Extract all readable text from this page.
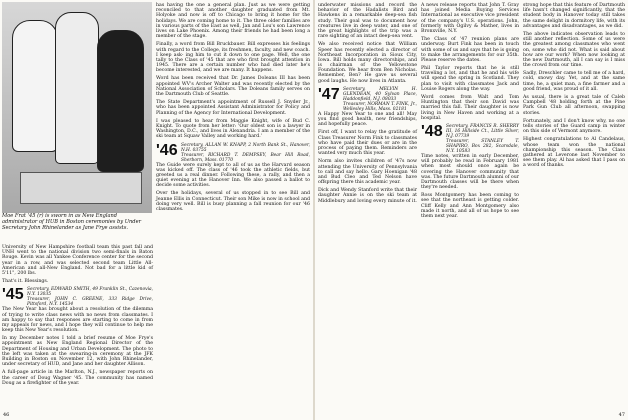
Moe Frat '45 (r) is sworn in as New England administrator of HUB in Boston ceremonies by Under Secretary John Rhinelander as Jane Frye assists.

University of New Hampshire football team this past fall and UNH went to the national division two semi-finals in Baton Rouge. Kevin was all Yankee Conference center for the second year in a row, and was selected second team Little All-American and all-New England. Not bad for a little kid of 5'11", 200 lbs.

That's it. Blessings.

'45 Secretary, EDWARD SMITH, 49 Franklin St., Cazenovia, N.Y. 13035
Treasurer, JOHN C. GREENE, 333 Ridge Drive, Pittsford, N.Y. 14534

The New Year has brought about a resolution of the dilemma of trying to write class news with no news from classmates. I am happy to say that responses are starting to come in from my appeals for news, and I hope they will continue to help me keep this New Year's resolution.

In my December notes I told a brief resume of Moe Frye's appointment as New England Regional Director of the Department of Housing and Urban Development. The photo to the left was taken at the swearing-in ceremony at the JFK Building in Boston on November 12, with John Rhinelander, under secretary of HUD, and Jane and her daughter Allison.

A full-page article in the Marlton, N.J., newspaper reports on the career of Doug Wagner '45. The community has named Doug as a firefighter of the year.

has having the one a general plan. Just as we were getting reconciled to that another daughter graduated from Mt. Holyoke and now is off to Chicago to bring it home for the holidays. We are coming home to it. The three older families are in various parts of the East as well, Jan and Lou's son Lawrence lives on Lake Phoenix. Among their friends he had been long a member of the stage.

Finally, a word from Bill Bruckbauer. Bill expresses his feelings with regard to the College, its freshmen, faculty, and new coach. I keep ask- ing him to cut it down to one page. Well, the one tally to the Class of '45 that are who first brought attention in 1945. There are a certain number who had died later he's become interested, and we are many. It happens.

Word has been received that Dr. James Doleans III has been appointed WV's Archer Walter and was recently elected by the National Association of Scholars. The Doleans family serves on the Dartmouth Club of Seattle.

The State Department's appointment of Russell J. Snyder Jr., who has been appointed Assistant Administrator for Policy and Planning of the Agency for International Development.

I was pleased to hear from Maggie Knight, wife of Bud C. Knight. To quote from her letter: 'Our oldest son is a lawyer in Washington, D.C., and lives in Alexandria. I am a member of the ski team at Squaw Valley and working hard.'

'46 Secretary, ALLAN W. KNAPP, 2 North Bank St., Hanover, N.H. 03755
Treasurer, RICHARD T. DEMPSEY, Bear Hill Road, Sherborn, Mass. 01770

The Guide were surely kept to all of us as the Harvard season was kicked off. The class of '46 took the athletic fields, but greeted us a real dinner. Following these, a rally, and then a quiet evening at the Hanover Inn. We also passed a ballot to decide some activities.

Over the holidays, several of us stopped in to see Bill and Jeanne Ellis in Connecticut. Their son Mike is now in school and doing very well. Bill is busy planning a fall reunion for our '46 classmates.

46

underwater missions and record the behavior of the Hadalists Bird and Hawkens in a remarkable deep-sea fish study. Their goal was to document how creatures live in deep water, and one of the great highlights of the trip was a rare sighting of an intact deep-sea vent.

We also received notice that William Speer has recently elected a director of Northeast Incorporation in Sioux City, Iowa. Bill holds many directorships, and is chairman of the Yellowstone Foundation. We hear from Ben Nicholas. Remember, Ben? He gave us several good laughs. He now lives in Atlanta.

'47 Secretary, MELVIN H. GLENDEAN, 40 Sylvan Place, Haddonfield, N.J. 08033
Treasurer, NORMAN T. FINK, Jr., Wellesley Hills, Mass. 02181

A Happy New Year to one and all! May you find good health, new friendships, and hopefully peace.

First off, I want to relay the gratitude of Class Treasurer Norm Fink to classmates who have paid their dues or are in the process of paying them. Reminders are wanted very much this year.

Norm also invites children of '47s now attending the University of Pennsylvania to call and say hello. Gary Hoenigan '48 and Bud Cleo and Ted Nelson have offspring there this academic year.

Dick and Wendy Stanford write that their daughter Annie is on the ski team at Middlebury and loving every minute of it.

A news release reports that John T. Gray has joined Media Buying Services International as executive vice president of the company's U.S. operations. John, formerly with Ogilvy & Mather, lives in Bronxville, N.Y.

The Class of '47 reunion plans are underway. Burt Fink has been in touch with some of us and says that he is going to make the arrangements for our 35th. Please reserve the dates.

Phil Taylor reports that he is still traveling a lot, and that he and his wife will spend the spring in Scotland. They plan to visit with classmates Jack and Louise Rogers along the way.

Word comes from Walt and Tom Huntington that their son David was married this fall. Their daughter is now living in New Haven and working at a hospital.

'48 Secretary, FRANCIS R. SHERRY III, 16 Hillside Ct., Little Silver, N.J. 07739
Treasurer, STANLEY T. SHAPIRO, Box 282, Scarsdale, N.Y. 10583

Time notes, written in early December, will probably be read in February 1981 when most should once again be covering the Hanover community that was. The future Dartmouth alumni of our Dartmouth classes will be there when they're needed.

Ross Montgomery has been coming to see that the northeast is getting colder. Cliff Kelly and Ann Montgomery also made it north, and all of us hope to see them next year.

strong hope that this feature of Dartmouth life hasn't changed significantly, that the student body in Hanover today still takes the same delight in dormitory life, with its advantages and disadvantages, as we did.

The above indicates observation leads to still another reflection. Some of us were the greatest among classmates who went on, some who did not. What is said about how are our work? When now looking at the new Dartmouth, all I can say is I miss the crowd from our time.

Sadly, Dreschler came to tell me of a hard, cold, snowy day. Yet, and at the same time, he, a quiet man, a fine farmer and a good friend, was proud of it all.

As usual, there is a great tale of Caleb Campbell '48 holding forth at the Pine Park Gun Club all afternoon, swapping stories.

Fortunately, and I don't know why, no one tells stories of the Guard camp in winter on this side of Vermont anymore.

Highest congratulations to Al Candelaus, whose team won the national championship this season. The Class gathered at Leverone last November to see them play. Al has asked that I pass on a word of thanks.

47
